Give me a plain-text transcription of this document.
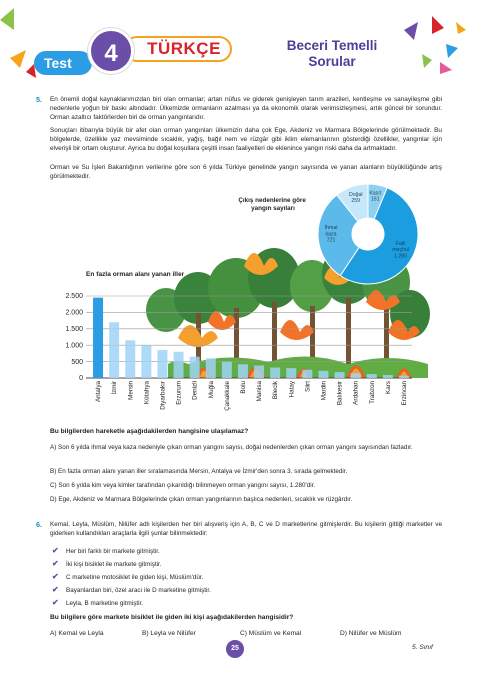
Test
TÜRKÇE
4	Beceri Temelli
Sorular
5. En önemli doğal kaynaklarımızdan biri olan ormanlar; artan nüfus ve giderek genişleyen tarım arazileri, kentleşme ve sanayileşme gibi nedenlerle yoğun bir baskı altındadır. Ülkemizde ormanların azalması ya da ekonomik olarak verimsizleşmesi, artık güncel bir sorundur. Orman azaltıcı faktörlerden biri de orman yangınlarıdır.
Sonuçları itibarıyla büyük bir afet olan orman yangınları ülkemizin daha çok Ege, Akdeniz ve Marmara Bölgelerinde görülmektedir. Bu bölgelerde, özellikle yaz mevsiminde sıcaklık, yağış, bağıl nem ve rüzgâr gibi iklim elemanlarının gösterdiği özellikler, yangınlar için elverişli bir ortam oluşturur. Ayrıca bu doğal koşullara çeşitli insan faaliyetleri de eklenince yangın riski daha da artmaktadır.
Orman ve Su İşleri Bakanlığının verilerine göre son 6 yılda Türkiye genelinde yangın sayısında ve yanan alanların büyüklüğünde artış görülmektedir.
0
500
1.000
1.500
2.000
2.500
Antalya	İzmir Mersin Kütahya Diyarbakır Erzurum Denizli Muğla Çanakkale Bolu Manisa Bilecik Hatay Siirt Mardin Balıkesir Ardahan Trabzon Kars Erzincan
En fazla orman alanı yanan iller
Çıkış nedenlerine göre yangın sayıları
Kasıt 151
Faili meçhul 1.280
İhmal kaza 721
Doğal 259
Bu bilgilerden hareketle aşağıdakilerden hangisine ulaşılamaz?
A) Son 6 yılda ihmal veya kaza nedeniyle çıkan orman yangını sayısı, doğal nedenlerden çıkan orman yangını sayısından fazladır.
B) En fazla orman alanı yanan iller sıralamasında Mersin, Antalya ve İzmir'den sonra 3. sırada gelmektedir.
C) Son 6 yılda kim veya kimler tarafından çıkarıldığı bilinmeyen orman yangını sayısı, 1.280'dir.
D) Ege, Akdeniz ve Marmara Bölgelerinde çıkan orman yangınlarının başlıca nedenleri, sıcaklık ve rüzgârdır.
6. Kemal, Leyla, Müslüm, Nilüfer adlı kişilerden her biri alışveriş için A, B, C ve D marketlerine gitmişlerdir. Bu kişilerin gittiği marketler ve giderken kullandıkları araçlarla ilgili şunlar bilinmektedir:
✔ Her biri farklı bir markete gitmiştir.
✔ İki kişi bisiklet ile markete gitmiştir.
✔ C marketine motosiklet ile giden kişi, Müslüm'dür.
✔ Bayanlardan biri, özel aracı ile D marketine gitmiştir.
✔ Leyla, B marketine gitmiştir.
Bu bilgilere göre markete bisiklet ile giden iki kişi aşağıdakilerden hangisidir?
A) Kemal ve Leyla	B) Leyla ve Nilüfer	C) Müslüm ve Kemal	D) Nilüfer ve Müslüm
25	5. Sınıf
